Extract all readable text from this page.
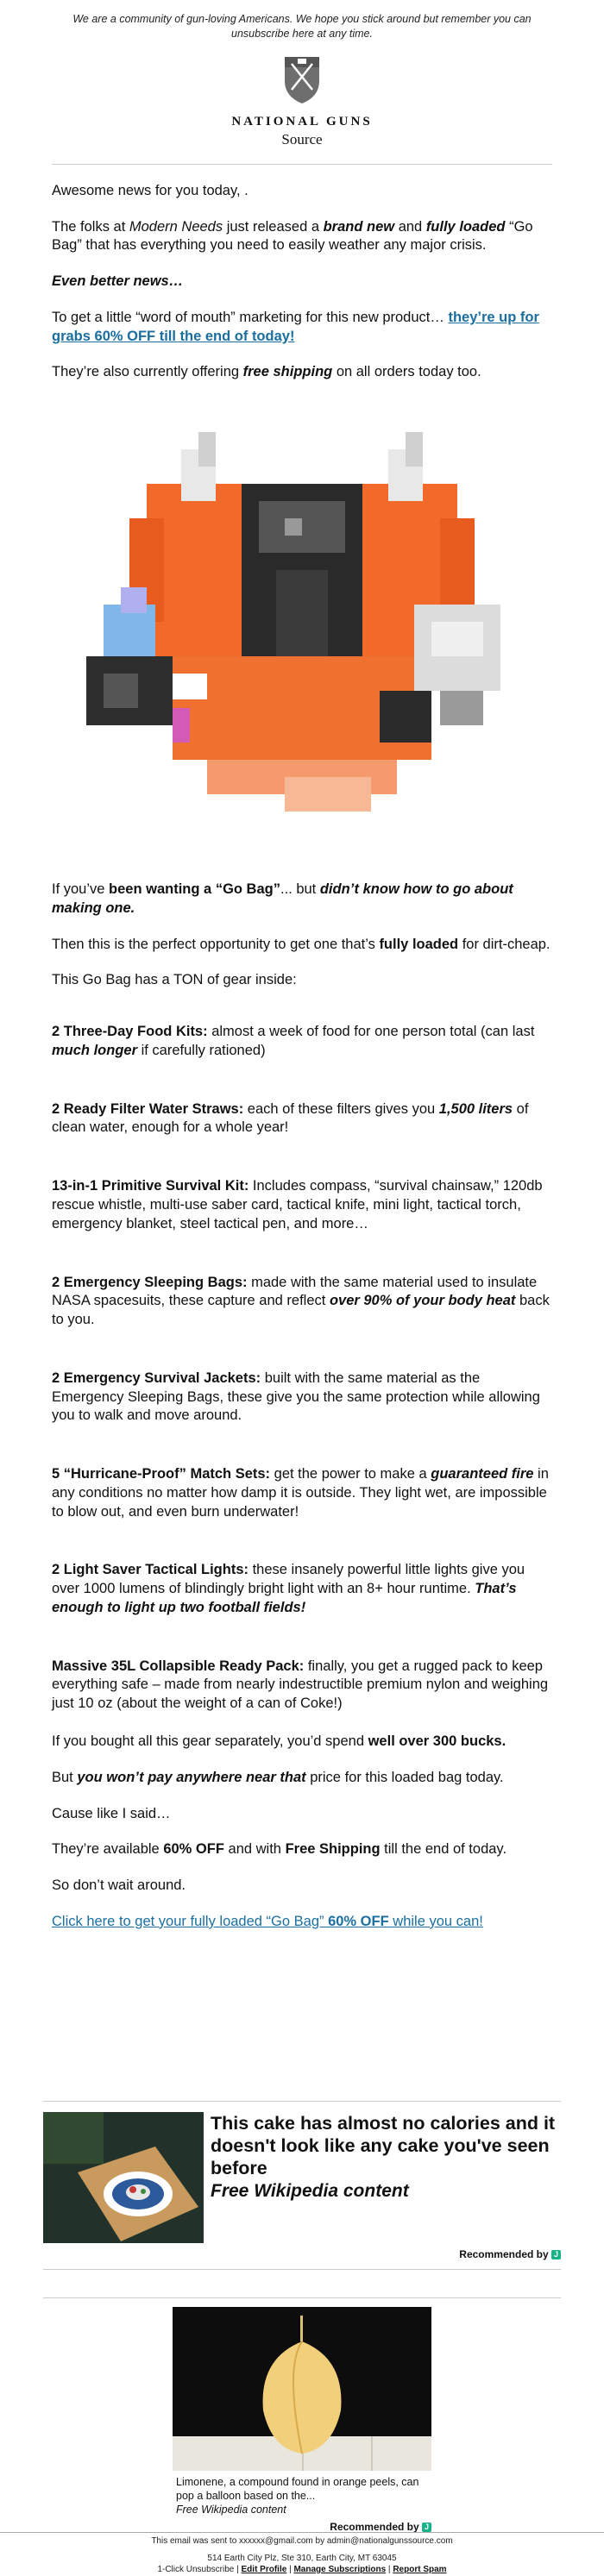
We are a community of gun-loving Americans. We hope you stick around but remember you can unsubscribe here at any time.
NATIONAL GUNS
Source

Awesome news for you today, .

The folks at Modern Needs just released a brand new and fully loaded “Go Bag” that has everything you need to easily weather any major crisis.

Even better news…

To get a little “word of mouth” marketing for this new product… they’re up for grabs 60% OFF till the end of today!

They’re also currently offering free shipping on all orders today too.

If you’ve been wanting a “Go Bag”... but didn’t know how to go about making one.

Then this is the perfect opportunity to get one that’s fully loaded for dirt-cheap.

This Go Bag has a TON of gear inside:

2 Three-Day Food Kits: almost a week of food for one person total (can last much longer if carefully rationed)

2 Ready Filter Water Straws: each of these filters gives you 1,500 liters of clean water, enough for a whole year!

13-in-1 Primitive Survival Kit: Includes compass, “survival chainsaw,” 120db rescue whistle, multi-use saber card, tactical knife, mini light, tactical torch, emergency blanket, steel tactical pen, and more…

2 Emergency Sleeping Bags: made with the same material used to insulate NASA spacesuits, these capture and reflect over 90% of your body heat back to you.

2 Emergency Survival Jackets: built with the same material as the Emergency Sleeping Bags, these give you the same protection while allowing you to walk and move around.

5 “Hurricane-Proof” Match Sets: get the power to make a guaranteed fire in any conditions no matter how damp it is outside. They light wet, are impossible to blow out, and even burn underwater!

2 Light Saver Tactical Lights: these insanely powerful little lights give you over 1000 lumens of blindingly bright light with an 8+ hour runtime. That’s enough to light up two football fields!

Massive 35L Collapsible Ready Pack: finally, you get a rugged pack to keep everything safe – made from nearly indestructible premium nylon and weighing just 10 oz (about the weight of a can of Coke!)

If you bought all this gear separately, you’d spend well over 300 bucks.

But you won’t pay anywhere near that price for this loaded bag today.

Cause like I said…

They’re available 60% OFF and with Free Shipping till the end of today.

So don’t wait around.

Click here to get your fully loaded “Go Bag” 60% OFF while you can!

This cake has almost no calories and it doesn't look like any cake you've seen before
Free Wikipedia content
Recommended by J
Limonene, a compound found in orange peels, can pop a balloon based on the...
Free Wikipedia content
Recommended by J
This email was sent to xxxxxx@gmail.com by admin@nationalgunssource.com
514 Earth City Plz, Ste 310, Earth City, MT 63045
1-Click Unsubscribe | Edit Profile | Manage Subscriptions | Report Spam
